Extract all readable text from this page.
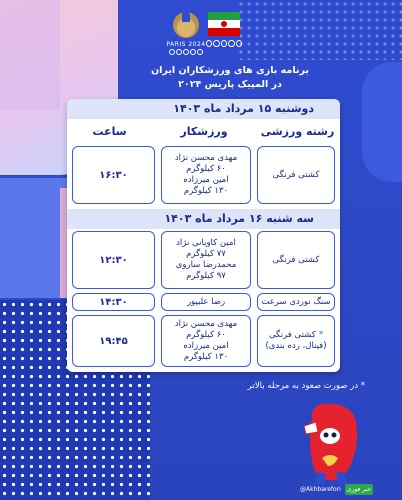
PARIS 2024
برنامه بازی های ورزشکاران ایران
در المپیک پاریس ۲۰۲۴
دوشنبه ۱۵ مرداد ماه ۱۴۰۳
رشته ورزشی
ورزشکار
ساعت
کشتی فرنگی
مهدی محسن نژاد
۶۰ کیلوگرم
امین میرزاده
۱۳۰ کیلوگرم
۱۶:۳۰
سه شنبه ۱۶ مرداد ماه ۱۴۰۳
کشتی فرنگی
امین کاویانی نژاد
۷۷ کیلوگرم
محمدرضا ساروی
۹۷ کیلوگرم
۱۲:۳۰
سنگ نوردی سرعت
رضا علیپور
۱۴:۳۰
*کشتی فرنگی
(فینال، رده بندی)
مهدی محسن نژاد
۶۰ کیلوگرم
امین میرزاده
۱۳۰ کیلوگرم
۱۹:۴۵
* در صورت صعود به مرحله بالاتر
@Akhbarefori خبر فوری
